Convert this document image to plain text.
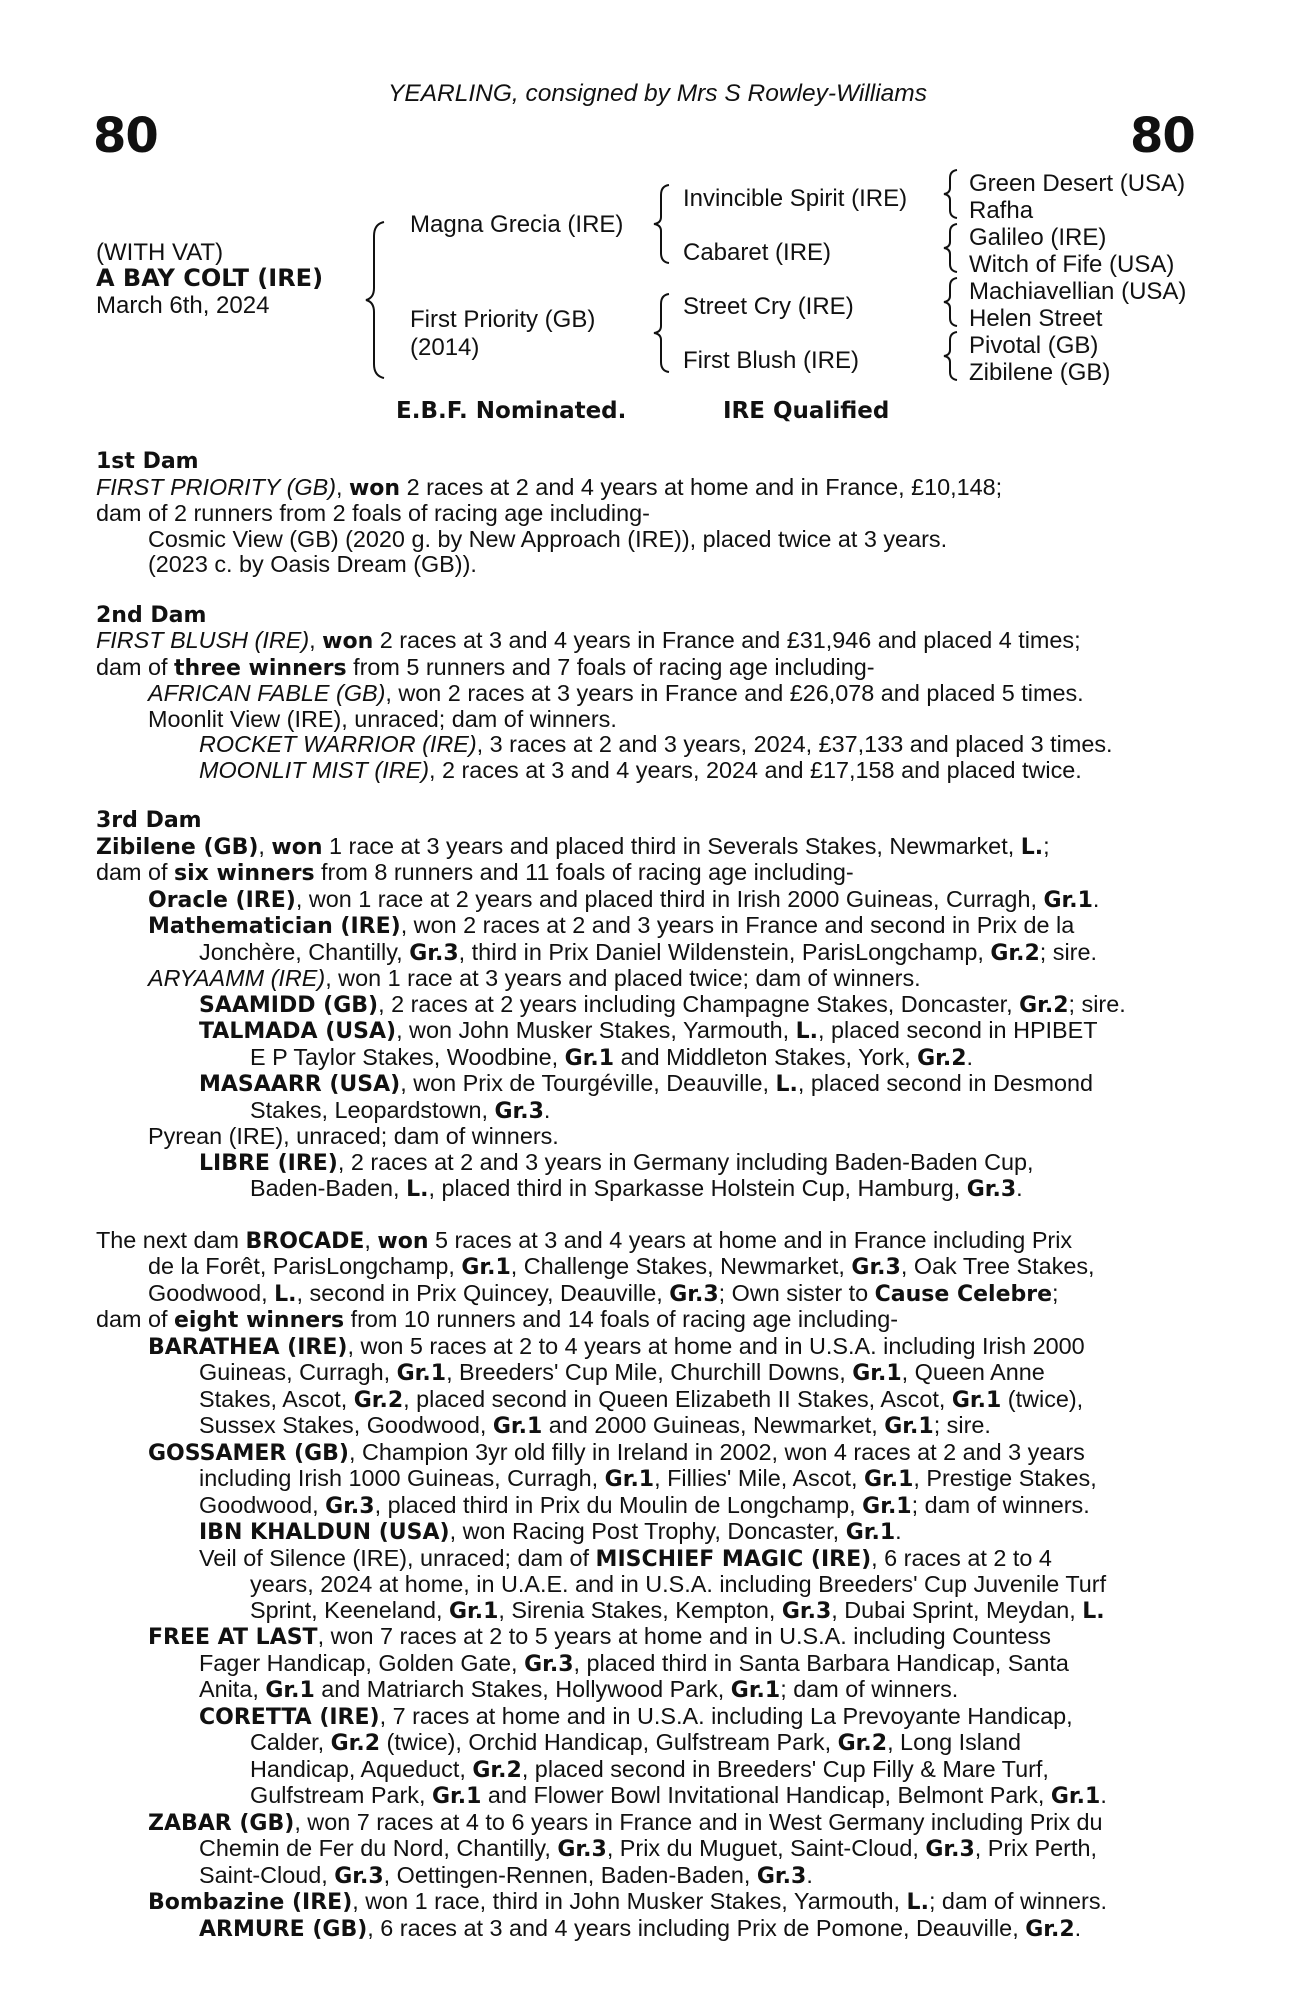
YEARLING, consigned by Mrs S Rowley-Williams
80	80
(WITH VAT)
A BAY COLT (IRE)
March 6th, 2024
Magna Grecia (IRE)
First Priority (GB)
(2014)
Invincible Spirit (IRE)
Cabaret (IRE)
Street Cry (IRE)
First Blush (IRE)
Green Desert (USA)
Rafha
Galileo (IRE)
Witch of Fife (USA)
Machiavellian (USA)
Helen Street
Pivotal (GB)
Zibilene (GB)
E.B.F. Nominated.	IRE Qualified
1st Dam
FIRST PRIORITY (GB), won 2 races at 2 and 4 years at home and in France, £10,148;
dam of 2 runners from 2 foals of racing age including-
Cosmic View (GB) (2020 g. by New Approach (IRE)), placed twice at 3 years.
(2023 c. by Oasis Dream (GB)).
2nd Dam
FIRST BLUSH (IRE), won 2 races at 3 and 4 years in France and £31,946 and placed 4 times;
dam of three winners from 5 runners and 7 foals of racing age including-
AFRICAN FABLE (GB), won 2 races at 3 years in France and £26,078 and placed 5 times.
Moonlit View (IRE), unraced; dam of winners.
ROCKET WARRIOR (IRE), 3 races at 2 and 3 years, 2024, £37,133 and placed 3 times.
MOONLIT MIST (IRE), 2 races at 3 and 4 years, 2024 and £17,158 and placed twice.
3rd Dam
Zibilene (GB), won 1 race at 3 years and placed third in Severals Stakes, Newmarket, L.;
dam of six winners from 8 runners and 11 foals of racing age including-
Oracle (IRE), won 1 race at 2 years and placed third in Irish 2000 Guineas, Curragh, Gr.1.
Mathematician (IRE), won 2 races at 2 and 3 years in France and second in Prix de la
Jonchère, Chantilly, Gr.3, third in Prix Daniel Wildenstein, ParisLongchamp, Gr.2; sire.
ARYAAMM (IRE), won 1 race at 3 years and placed twice; dam of winners.
SAAMIDD (GB), 2 races at 2 years including Champagne Stakes, Doncaster, Gr.2; sire.
TALMADA (USA), won John Musker Stakes, Yarmouth, L., placed second in HPIBET
E P Taylor Stakes, Woodbine, Gr.1 and Middleton Stakes, York, Gr.2.
MASAARR (USA), won Prix de Tourgéville, Deauville, L., placed second in Desmond
Stakes, Leopardstown, Gr.3.
Pyrean (IRE), unraced; dam of winners.
LIBRE (IRE), 2 races at 2 and 3 years in Germany including Baden-Baden Cup,
Baden-Baden, L., placed third in Sparkasse Holstein Cup, Hamburg, Gr.3.
The next dam BROCADE, won 5 races at 3 and 4 years at home and in France including Prix
de la Forêt, ParisLongchamp, Gr.1, Challenge Stakes, Newmarket, Gr.3, Oak Tree Stakes,
Goodwood, L., second in Prix Quincey, Deauville, Gr.3; Own sister to Cause Celebre;
dam of eight winners from 10 runners and 14 foals of racing age including-
BARATHEA (IRE), won 5 races at 2 to 4 years at home and in U.S.A. including Irish 2000
Guineas, Curragh, Gr.1, Breeders' Cup Mile, Churchill Downs, Gr.1, Queen Anne
Stakes, Ascot, Gr.2, placed second in Queen Elizabeth II Stakes, Ascot, Gr.1 (twice),
Sussex Stakes, Goodwood, Gr.1 and 2000 Guineas, Newmarket, Gr.1; sire.
GOSSAMER (GB), Champion 3yr old filly in Ireland in 2002, won 4 races at 2 and 3 years
including Irish 1000 Guineas, Curragh, Gr.1, Fillies' Mile, Ascot, Gr.1, Prestige Stakes,
Goodwood, Gr.3, placed third in Prix du Moulin de Longchamp, Gr.1; dam of winners.
IBN KHALDUN (USA), won Racing Post Trophy, Doncaster, Gr.1.
Veil of Silence (IRE), unraced; dam of MISCHIEF MAGIC (IRE), 6 races at 2 to 4
years, 2024 at home, in U.A.E. and in U.S.A. including Breeders' Cup Juvenile Turf
Sprint, Keeneland, Gr.1, Sirenia Stakes, Kempton, Gr.3, Dubai Sprint, Meydan, L.
FREE AT LAST, won 7 races at 2 to 5 years at home and in U.S.A. including Countess
Fager Handicap, Golden Gate, Gr.3, placed third in Santa Barbara Handicap, Santa
Anita, Gr.1 and Matriarch Stakes, Hollywood Park, Gr.1; dam of winners.
CORETTA (IRE), 7 races at home and in U.S.A. including La Prevoyante Handicap,
Calder, Gr.2 (twice), Orchid Handicap, Gulfstream Park, Gr.2, Long Island
Handicap, Aqueduct, Gr.2, placed second in Breeders' Cup Filly & Mare Turf,
Gulfstream Park, Gr.1 and Flower Bowl Invitational Handicap, Belmont Park, Gr.1.
ZABAR (GB), won 7 races at 4 to 6 years in France and in West Germany including Prix du
Chemin de Fer du Nord, Chantilly, Gr.3, Prix du Muguet, Saint-Cloud, Gr.3, Prix Perth,
Saint-Cloud, Gr.3, Oettingen-Rennen, Baden-Baden, Gr.3.
Bombazine (IRE), won 1 race, third in John Musker Stakes, Yarmouth, L.; dam of winners.
ARMURE (GB), 6 races at 3 and 4 years including Prix de Pomone, Deauville, Gr.2.
